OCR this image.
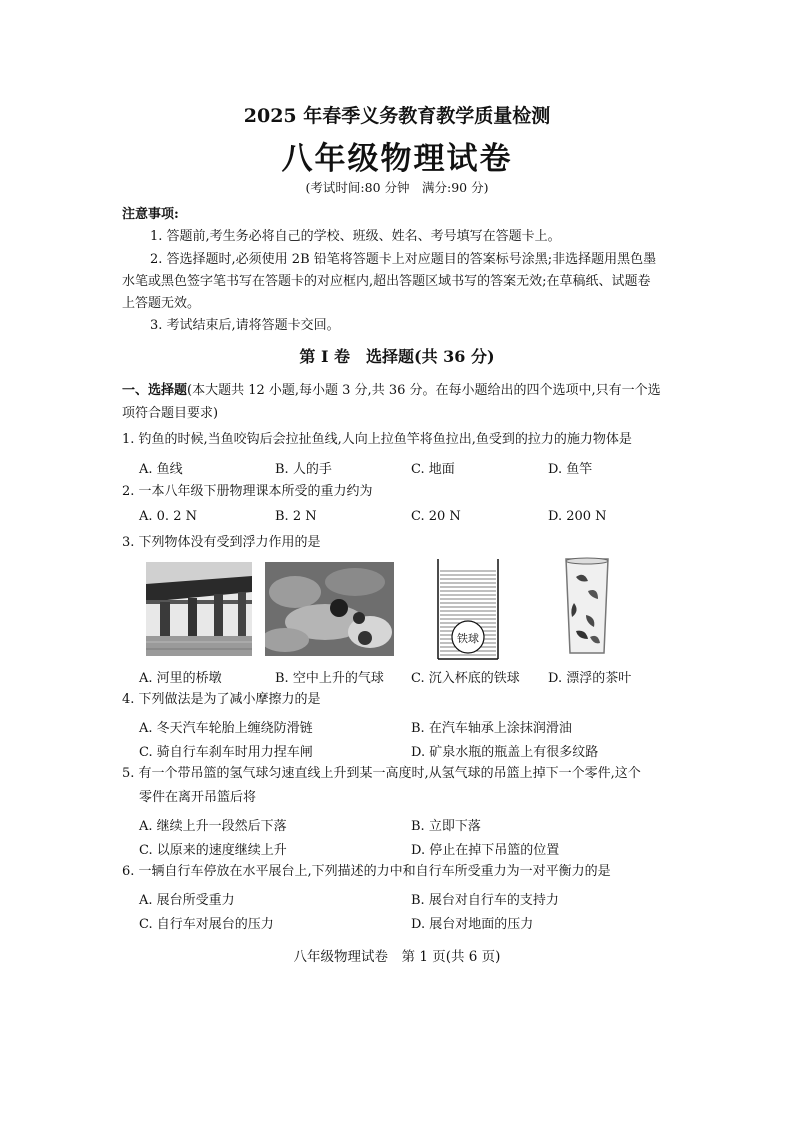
2025 年春季义务教育教学质量检测
八年级物理试卷
(考试时间:80 分钟　满分:90 分)
注意事项:
1. 答题前,考生务必将自己的学校、班级、姓名、考号填写在答题卡上。
2. 答选择题时,必须使用 2B 铅笔将答题卡上对应题目的答案标号涂黑;非选择题用黑色墨
水笔或黑色签字笔书写在答题卡的对应框内,超出答题区域书写的答案无效;在草稿纸、试题卷
上答题无效。
3. 考试结束后,请将答题卡交回。
第 I 卷　选择题(共 36 分)
一、选择题(本大题共 12 小题,每小题 3 分,共 36 分。在每小题给出的四个选项中,只有一个选
项符合题目要求)
1. 钓鱼的时候,当鱼咬钩后会拉扯鱼线,人向上拉鱼竿将鱼拉出,鱼受到的拉力的施力物体是
A. 鱼线	B. 人的手	C. 地面	D. 鱼竿
2. 一本八年级下册物理课本所受的重力约为
A. 0. 2 N	B. 2 N	C. 20 N	D. 200 N
3. 下列物体没有受到浮力作用的是
铁球
A. 河里的桥墩	B. 空中上升的气球 C. 沉入杯底的铁球 D. 漂浮的茶叶
4. 下列做法是为了减小摩擦力的是
A. 冬天汽车轮胎上缠绕防滑链	B. 在汽车轴承上涂抹润滑油
C. 骑自行车刹车时用力捏车闸	D. 矿泉水瓶的瓶盖上有很多纹路
5. 有一个带吊篮的氢气球匀速直线上升到某一高度时,从氢气球的吊篮上掉下一个零件,这个
零件在离开吊篮后将
A. 继续上升一段然后下落	B. 立即下落
C. 以原来的速度继续上升	D. 停止在掉下吊篮的位置
6. 一辆自行车停放在水平展台上,下列描述的力中和自行车所受重力为一对平衡力的是
A. 展台所受重力	B. 展台对自行车的支持力
C. 自行车对展台的压力	D. 展台对地面的压力
八年级物理试卷　第 1 页(共 6 页)
